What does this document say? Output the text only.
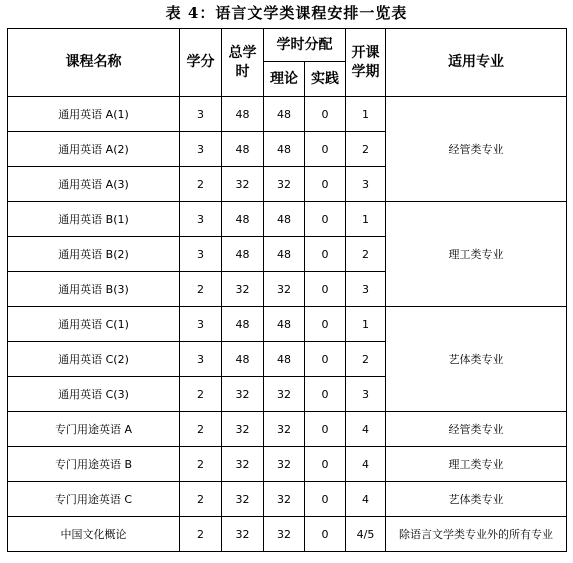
表 4：语言文学类课程安排一览表
课程名称	学分	总学时	学时分配		开课学期	适用专业
			理论	实践		
通用英语 A(1)	3	48	48	0	1	经管类专业
通用英语 A(2)	3	48	48	0	2	
通用英语 A(3)	2	32	32	0	3	
通用英语 B(1)	3	48	48	0	1	理工类专业
通用英语 B(2)	3	48	48	0	2	
通用英语 B(3)	2	32	32	0	3	
通用英语 C(1)	3	48	48	0	1	艺体类专业
通用英语 C(2)	3	48	48	0	2	
通用英语 C(3)	2	32	32	0	3	
专门用途英语 A	2	32	32	0	4	经管类专业
专门用途英语 B	2	32	32	0	4	理工类专业
专门用途英语 C	2	32	32	0	4	艺体类专业
中国文化概论	2	32	32	0	4/5	除语言文学类专业外的所有专业
